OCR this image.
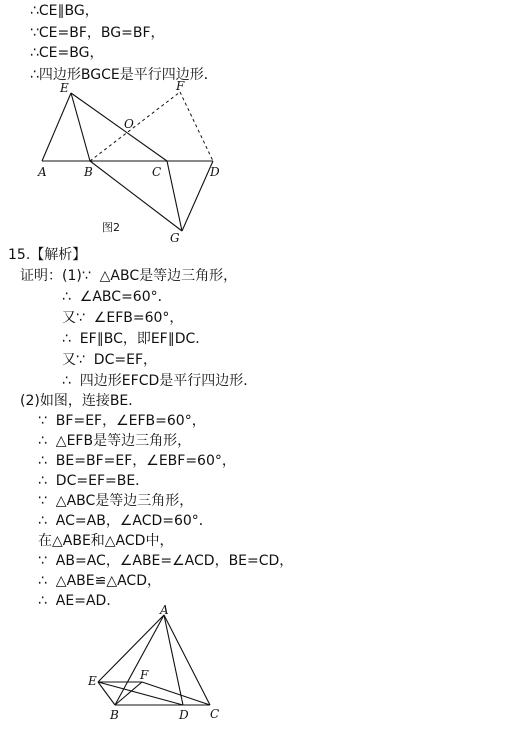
∴CE∥BG，
∵CE=BF，BG=BF，
∴CE=BG，
∴四边形BGCE是平行四边形．
E	F
O
A	B	C	D
G
图2
15.【解析】
证明：(1)∵  △ABC是等边三角形，
∴  ∠ABC=60°．
又∵  ∠EFB=60°，
∴  EF∥BC，即EF∥DC．
又∵  DC=EF，
∴  四边形EFCD是平行四边形．
(2)如图，连接BE．
∵  BF=EF，∠EFB=60°，
∴  △EFB是等边三角形，
∴  BE=BF=EF，∠EBF=60°，
∴  DC=EF=BE．
∵  △ABC是等边三角形，
∴  AC=AB，∠ACD=60°．
在△ABE和△ACD中，
∵  AB=AC，∠ABE=∠ACD，BE=CD，
∴  △ABE≌△ACD，
∴  AE=AD．
A
E	F
B	D C
